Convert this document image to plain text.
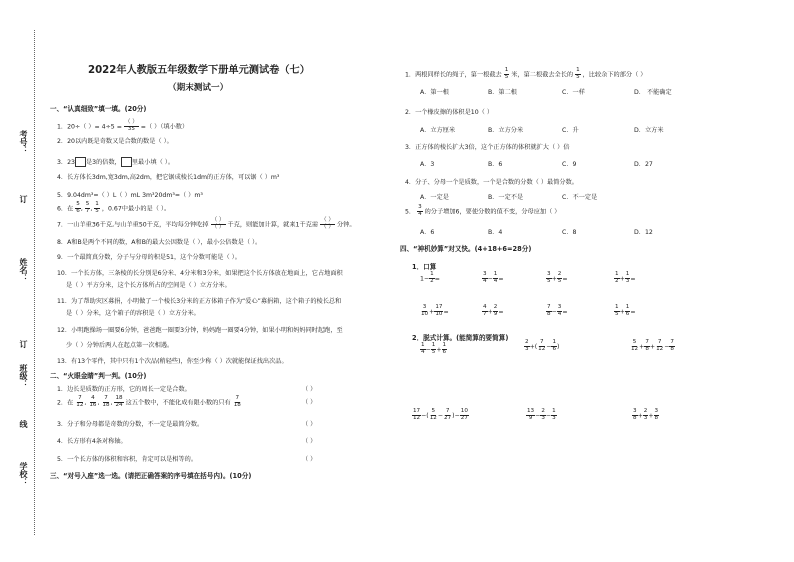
考号：
订
姓名：
订
班级：
线
学校：
2022年人教版五年级数学下册单元测试卷（七）
（期末测试一）
一、“认真细致”填一填。(20分)
1．20÷（ ）= $4\div 5 = \frac{( )}{35}$ =（ ）（填小数）
2．20以内既是奇数又是合数的数是（ ）。
3．23 是3的倍数， 里最小填（ ）。
4．长方体长3dm,宽3dm,高2dm，把它锯成棱长1dm的正方体，可以锯（ ）m³
5．9.04dm³=（ ）L（ ）mL 3m³20dm³=（ ）m³
6．在 $\frac{5}{6}$ , $\frac{5}{7}$ , $\frac{1}{5}$ ，0.67中最小的是（ ）。
7．一山羊重36千克,与山羊重50千克，平均每分钟吃掉 $\frac{( )}{( )}$ 千克，则能加计算，就来1千克需 $\frac{( )}{( )}$ 分钟。
8．A和B是两个不同的数，A和B的最大公因数是（ ），最小公倍数是（ ）。
9．一个最简真分数，分子与分母的积是51，这个分数可能是（ ）。
10．一个长方体，三条棱的长分别是6分米、4分米和3分米，如果把这个长方体放在地面上，它占地面积
是（ ）平方分米，这个长方体所占的空间是（ ）立方分米。
11．为了帮助灾区募捐，小明做了一个棱长3分米的正方体箱子作为“爱心”募捐箱，这个箱子的棱长总和
是（ ）分米，这个箱子的容积是（ ）立方分米。
12．小明跑操场一圈要6分钟，爸爸跑一圈要3分钟，妈妈跑一圈要4分钟，如果小明和妈妈同时起跑，至
少（ ）分钟后两人在起点第一次相遇。
13．有13个零件，其中只有1个次品(稍轻些)，你至少称（ ）次就能保证找出次品。
二、“火眼金睛”判一判。(10分)
1．边长是质数的正方形，它的周长一定是合数。	（ ）
2．在 $\frac{7}{12}$ , $\frac{4}{16}$ , $\frac{7}{18}$ , $\frac{18}{24}$ 这五个数中，不能化成有限小数的只有 $\frac{7}{18}$	（ ）
3．分子和分母都是奇数的分数，不一定是最简分数。	（ ）
4．长方形有4条对称轴。	（ ）
5．一个长方体的体积和容积，肯定可以是相等的。	（ ）
三、“对号入座”选一选。(请把正确答案的序号填在括号内)。(10分)
1．两根同样长的绳子，第一根截去 $\frac{1}{5}$ 米，第二根截去全长的 $\frac{1}{5}$ ，比较余下的部分（ ）
A．第一根	B．第二根	C．一样	D． 不能确定
2．一个橡皮擦的体积是10（ ）
A．立方厘米	B．立方分米	C．升	D．立方米
3．正方体的棱长扩大3倍，这个正方体的体积就扩大（ ）倍
A．3	B．6	C．9	D．27
4．分子、分母一个是质数，一个是合数的分数（ ）最简分数。
A．一定是	B．一定不是	C．不一定是
5． $\frac{3}{4}$ 的分子增加6，要使分数的值不变，分母应加（ ）
A．6	B．4	C．8	D．12
四、“神机妙算”对又快。(4+18+6=28分)
1．口算
$1- \frac{1}{2}$ =	$\frac{3}{4} - \frac{1}{4}$ =	$\frac{3}{5} + \frac{2}{5}$ =	$\frac{1}{2} + \frac{1}{3}$ =
$\frac{3}{10} + \frac{17}{10}$ =	$\frac{4}{7} + \frac{2}{9}$ =	$\frac{7}{8} - \frac{3}{4}$ =	$\frac{1}{5} + \frac{1}{6}$ =
2．脱式计算。(能简算的要简算)
$\frac{1}{4} - \frac{1}{5} + \frac{1}{6}$	$\frac{2}{3}$ +( $\frac{7}{12} - \frac{1}{6}$ )	$\frac{5}{12} + \frac{7}{8} + \frac{7}{12} - \frac{7}{8}$
$\frac{17}{12}$ −( $\frac{5}{12} - \frac{7}{27}$ )− $\frac{10}{27}$	$\frac{13}{9} - \frac{2}{3} - \frac{1}{3}$	$\frac{3}{8} + \frac{2}{3} + \frac{3}{8}$
